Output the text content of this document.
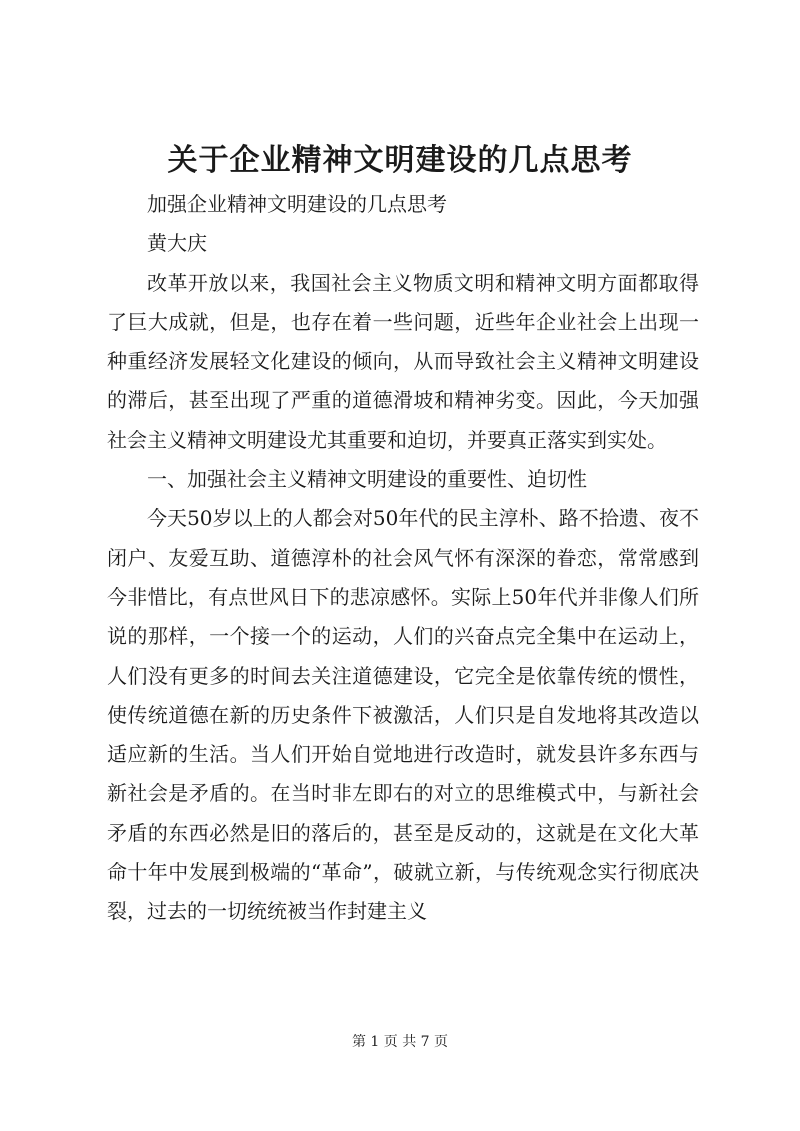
关于企业精神文明建设的几点思考

加强企业精神文明建设的几点思考

黄大庆

改革开放以来，我国社会主义物质文明和精神文明方面都取得了巨大成就，但是，也存在着一些问题，近些年企业社会上出现一种重经济发展轻文化建设的倾向，从而导致社会主义精神文明建设的滞后，甚至出现了严重的道德滑坡和精神劣变。因此，今天加强社会主义精神文明建设尤其重要和迫切，并要真正落实到实处。

一、加强社会主义精神文明建设的重要性、迫切性

今天50岁以上的人都会对50年代的民主淳朴、路不拾遗、夜不闭户、友爱互助、道德淳朴的社会风气怀有深深的眷恋，常常感到今非惜比，有点世风日下的悲凉感怀。实际上50年代并非像人们所说的那样，一个接一个的运动，人们的兴奋点完全集中在运动上，人们没有更多的时间去关注道德建设，它完全是依靠传统的惯性，使传统道德在新的历史条件下被激活，人们只是自发地将其改造以适应新的生活。当人们开始自觉地进行改造时，就发县许多东西与新社会是矛盾的。在当时非左即右的对立的思维模式中，与新社会矛盾的东西必然是旧的落后的，甚至是反动的，这就是在文化大革命十年中发展到极端的“革命”，破就立新，与传统观念实行彻底决裂，过去的一切统统被当作封建主义

第 1 页 共 7 页
